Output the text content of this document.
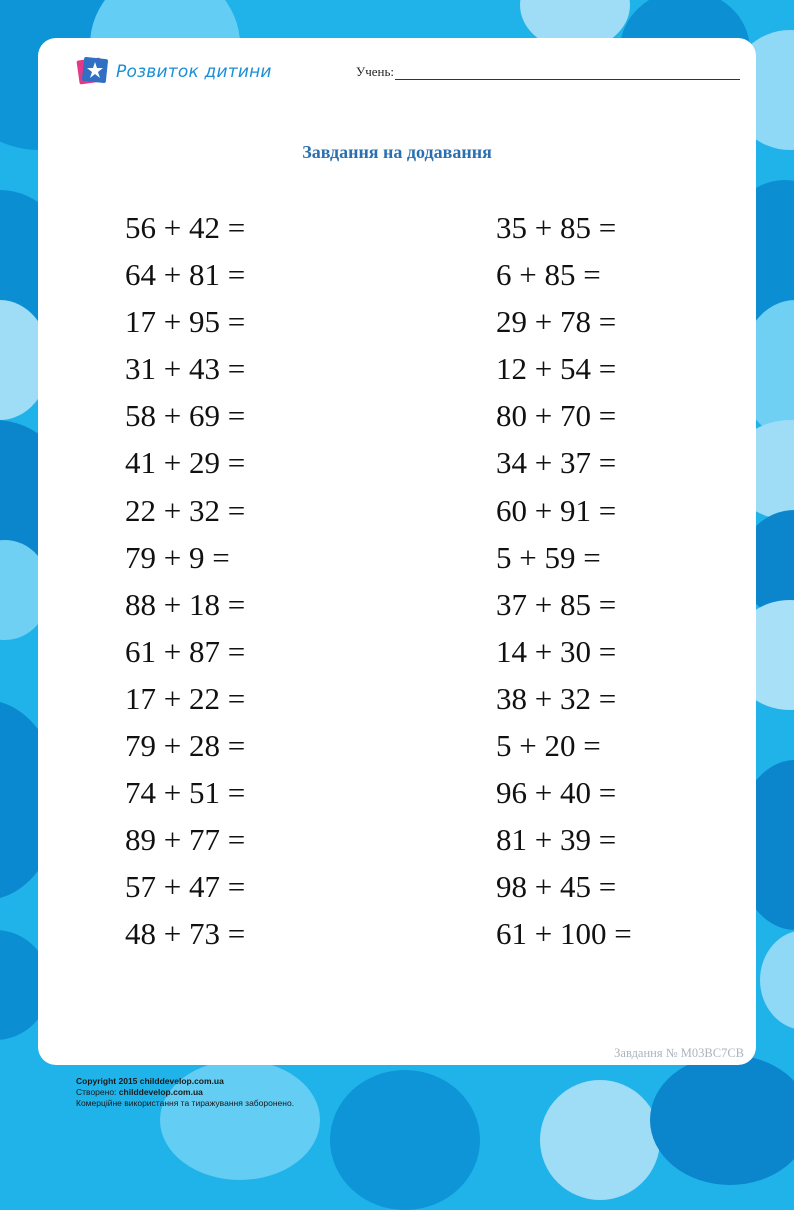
Розвиток дитини	Учень:
Завдання на додавання
56 + 42 =
64 + 81 =
17 + 95 =
31 + 43 =
58 + 69 =
41 + 29 =
22 + 32 =
79 + 9 =
88 + 18 =
61 + 87 =
17 + 22 =
79 + 28 =
74 + 51 =
89 + 77 =
57 + 47 =
48 + 73 =
35 + 85 =
6 + 85 =
29 + 78 =
12 + 54 =
80 + 70 =
34 + 37 =
60 + 91 =
5 + 59 =
37 + 85 =
14 + 30 =
38 + 32 =
5 + 20 =
96 + 40 =
81 + 39 =
98 + 45 =
61 + 100 =
Завдання № M03BC7CB
Copyright 2015 childdevelop.com.ua
Створено: childdevelop.com.ua
Комерційне використання та тиражування заборонено.
